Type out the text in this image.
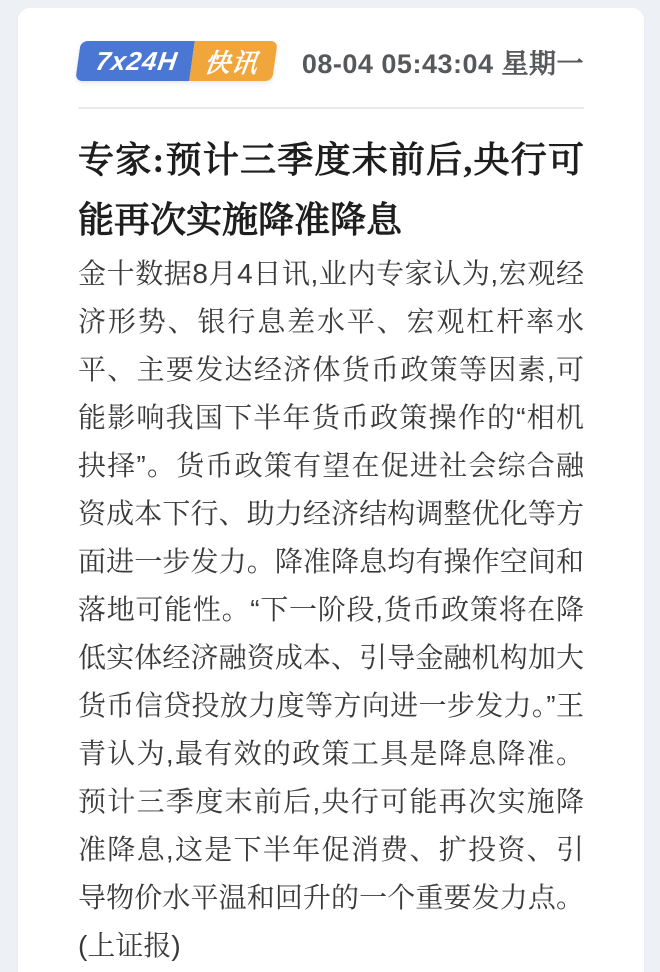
7x24H 快讯	08-04 05:43:04 星期一
专家:预计三季度末前后,央行可能再次实施降准降息

金十数据8月4日讯,业内专家认为,宏观经济形势、银行息差水平、宏观杠杆率水平、主要发达经济体货币政策等因素,可能影响我国下半年货币政策操作的“相机抉择”。货币政策有望在促进社会综合融资成本下行、助力经济结构调整优化等方面进一步发力。降准降息均有操作空间和落地可能性。“下一阶段,货币政策将在降低实体经济融资成本、引导金融机构加大货币信贷投放力度等方向进一步发力。”王青认为,最有效的政策工具是降息降准。预计三季度末前后,央行可能再次实施降准降息,这是下半年促消费、扩投资、引导物价水平温和回升的一个重要发力点。(上证报)
